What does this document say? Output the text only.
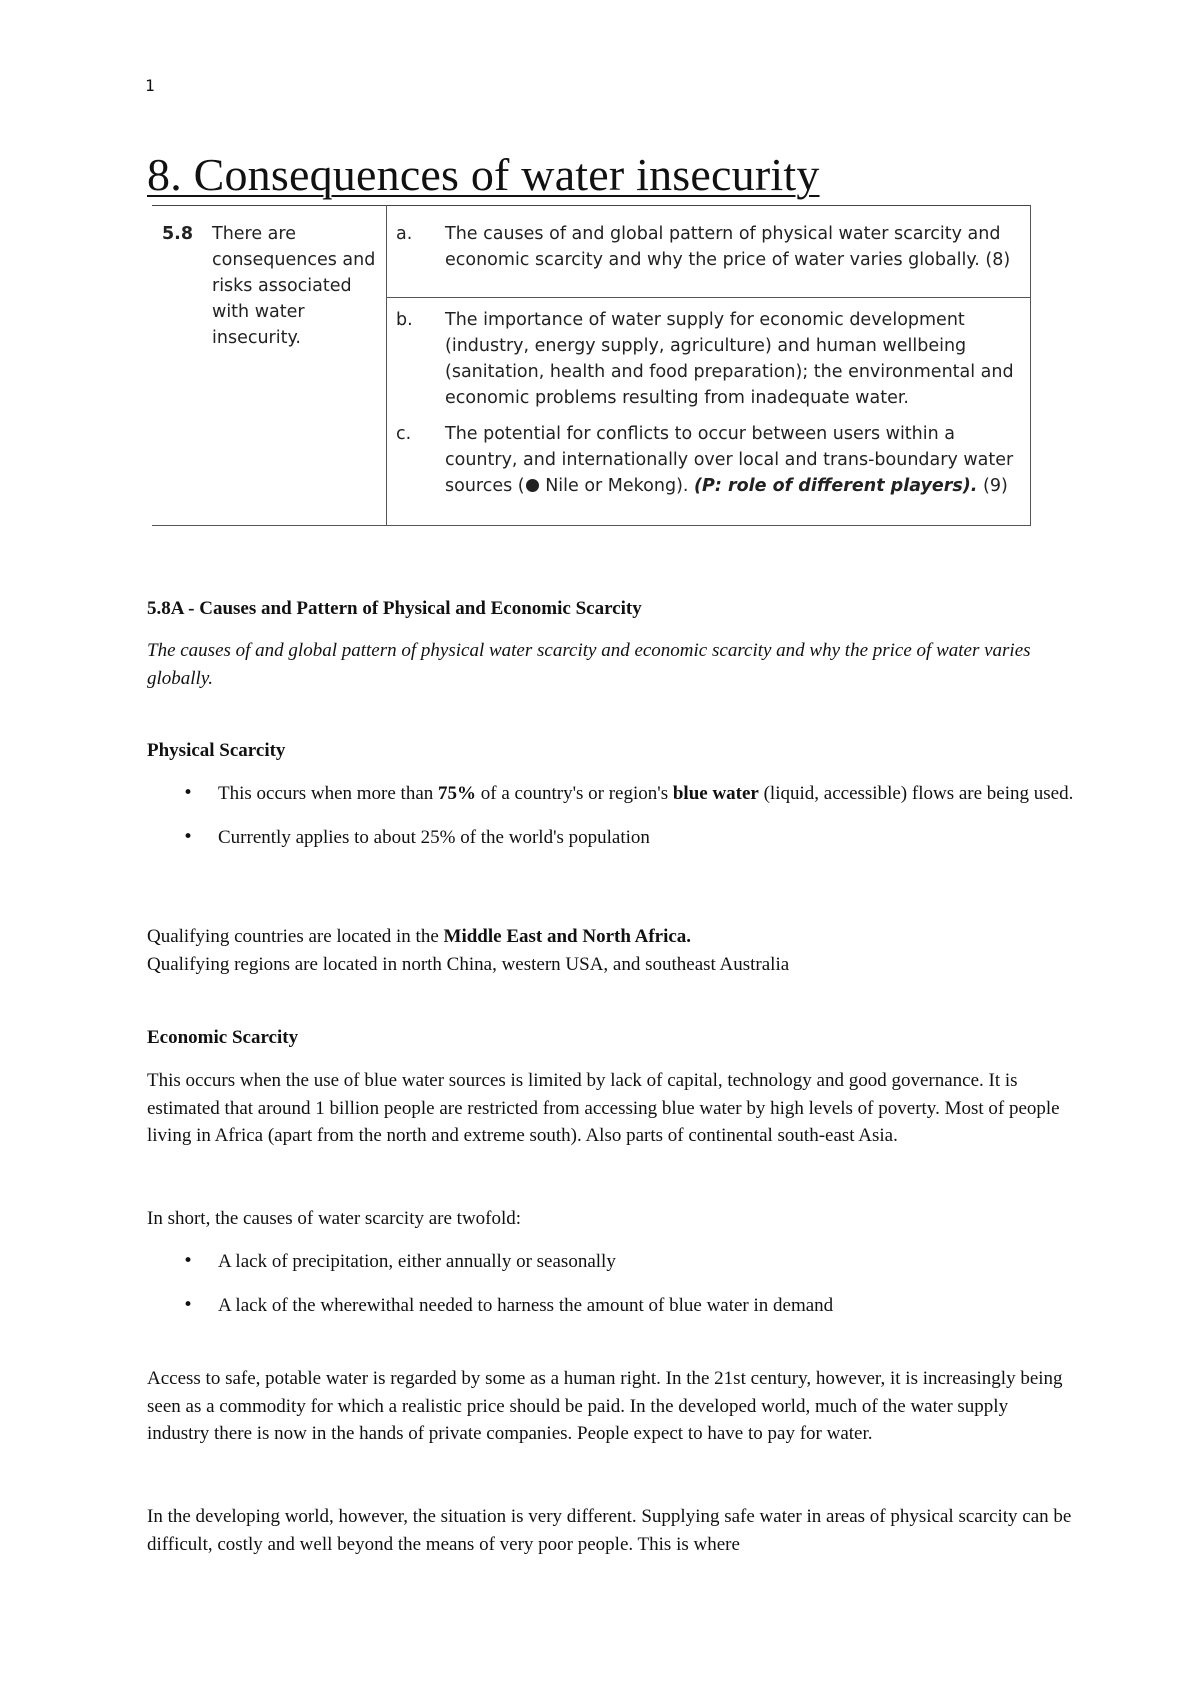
1
8. Consequences of water insecurity
5.8 There are consequences and risks associated with water insecurity.
a. The causes of and global pattern of physical water scarcity and economic scarcity and why the price of water varies globally. (8)
b. The importance of water supply for economic development (industry, energy supply, agriculture) and human wellbeing (sanitation, health and food preparation); the environmental and economic problems resulting from inadequate water.
c. The potential for conflicts to occur between users within a country, and internationally over local and trans-boundary water sources ( Nile or Mekong). (P: role of different players). (9)
5.8A - Causes and Pattern of Physical and Economic Scarcity
The causes of and global pattern of physical water scarcity and economic scarcity and why the price of water varies globally.
Physical Scarcity
• This occurs when more than 75% of a country's or region's blue water (liquid, accessible) flows are being used.
• Currently applies to about 25% of the world's population
Qualifying countries are located in the Middle East and North Africa.
Qualifying regions are located in north China, western USA, and southeast Australia
Economic Scarcity
This occurs when the use of blue water sources is limited by lack of capital, technology and good governance. It is estimated that around 1 billion people are restricted from accessing blue water by high levels of poverty. Most of people living in Africa (apart from the north and extreme south). Also parts of continental south-east Asia.
In short, the causes of water scarcity are twofold:
• A lack of precipitation, either annually or seasonally
• A lack of the wherewithal needed to harness the amount of blue water in demand
Access to safe, potable water is regarded by some as a human right. In the 21st century, however, it is increasingly being seen as a commodity for which a realistic price should be paid. In the developed world, much of the water supply industry there is now in the hands of private companies. People expect to have to pay for water.
In the developing world, however, the situation is very different. Supplying safe water in areas of physical scarcity can be difficult, costly and well beyond the means of very poor people. This is where
